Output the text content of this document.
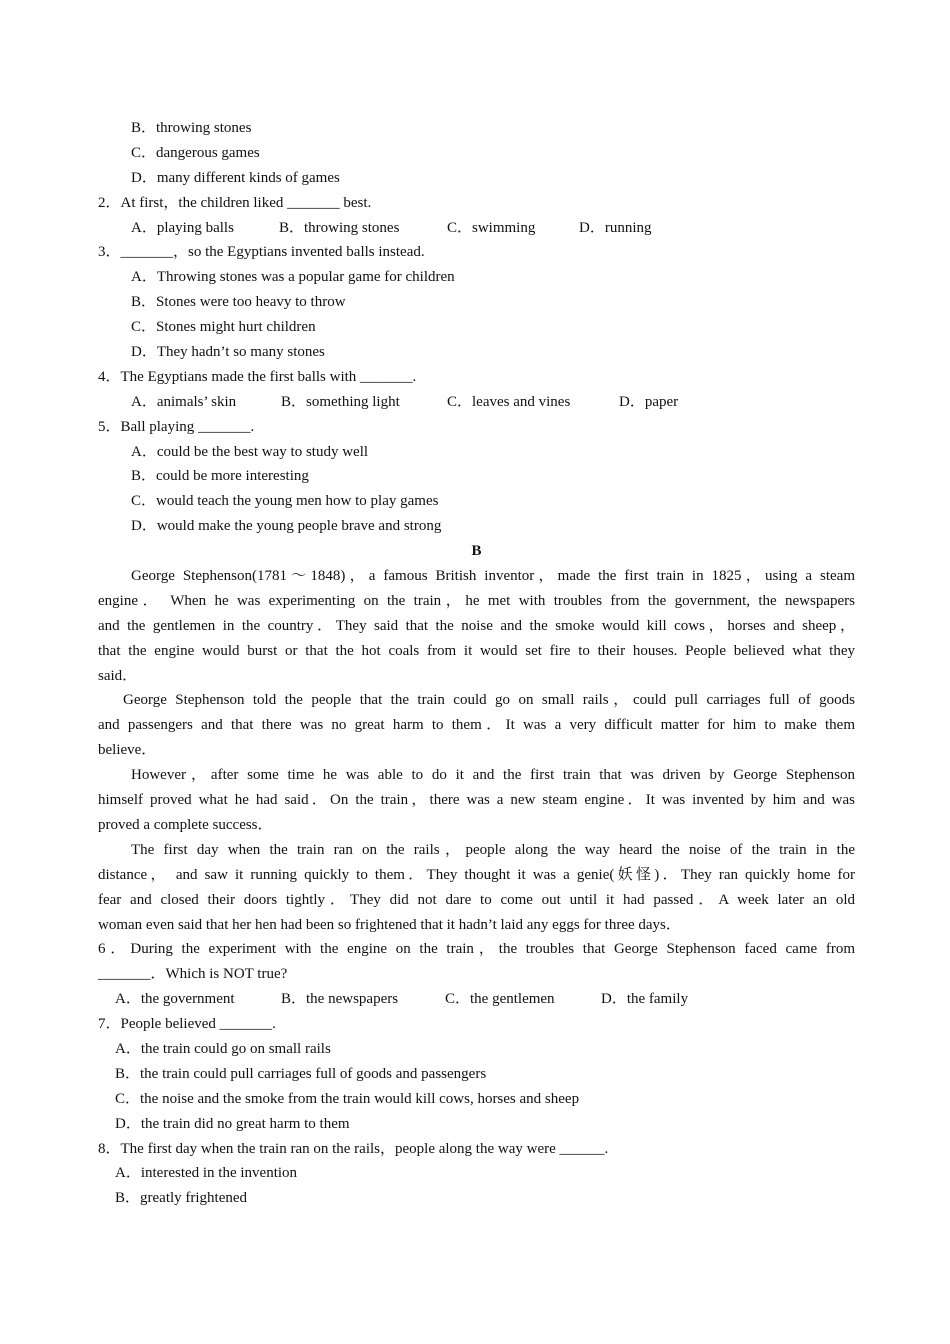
B．throwing stones
C．dangerous games
D．many different kinds of games
2．At first，the children liked _______ best.
A．playing balls	B．throwing stones	C．swimming	D．running
3．_______，so the Egyptians invented balls instead.
A．Throwing stones was a popular game for children
B．Stones were too heavy to throw
C．Stones might hurt children
D．They hadn’t so many stones
4．The Egyptians made the first balls with _______.
A．animals’ skin	B．something light	C．leaves and vines	D．paper
5．Ball playing _______.
A．could be the best way to study well
B．could be more interesting
C．would teach the young men how to play games
D．would make the young people brave and strong
B
George Stephenson(1781～1848)，a famous British inventor，made the first train in 1825，using a steam
engine． When he was experimenting on the train，he met with troubles from the government, the newspapers
and the gentlemen in the country．They said that the noise and the smoke would kill cows，horses and sheep，
that the engine would burst or that the hot coals from it would set fire to their houses. People believed what they
said．
George Stephenson told the people that the train could go on small rails，could pull carriages full of goods
and passengers and that there was no great harm to them．It was a very difficult matter for him to make them
believe．
However，after some time he was able to do it and the first train that was driven by George Stephenson
himself proved what he had said．On the train，there was a new steam engine．It was invented by him and was
proved a complete success．
The first day when the train ran on the rails，people along the way heard the noise of the train in the
distance， and saw it running quickly to them．They thought it was a genie(妖怪)．They ran quickly home for
fear and closed their doors tightly．They did not dare to come out until it had passed．A week later an old
woman even said that her hen had been so frightened that it hadn’t laid any eggs for three days．
6．During the experiment with the engine on the train，the troubles that George Stephenson faced came from
_______．Which is NOT true?
A．the government	B．the newspapers	C．the gentlemen	D．the family
7．People believed _______.
A．the train could go on small rails
B．the train could pull carriages full of goods and passengers
C．the noise and the smoke from the train would kill cows, horses and sheep
D．the train did no great harm to them
8．The first day when the train ran on the rails，people along the way were ______.
A．interested in the invention
B．greatly frightened
